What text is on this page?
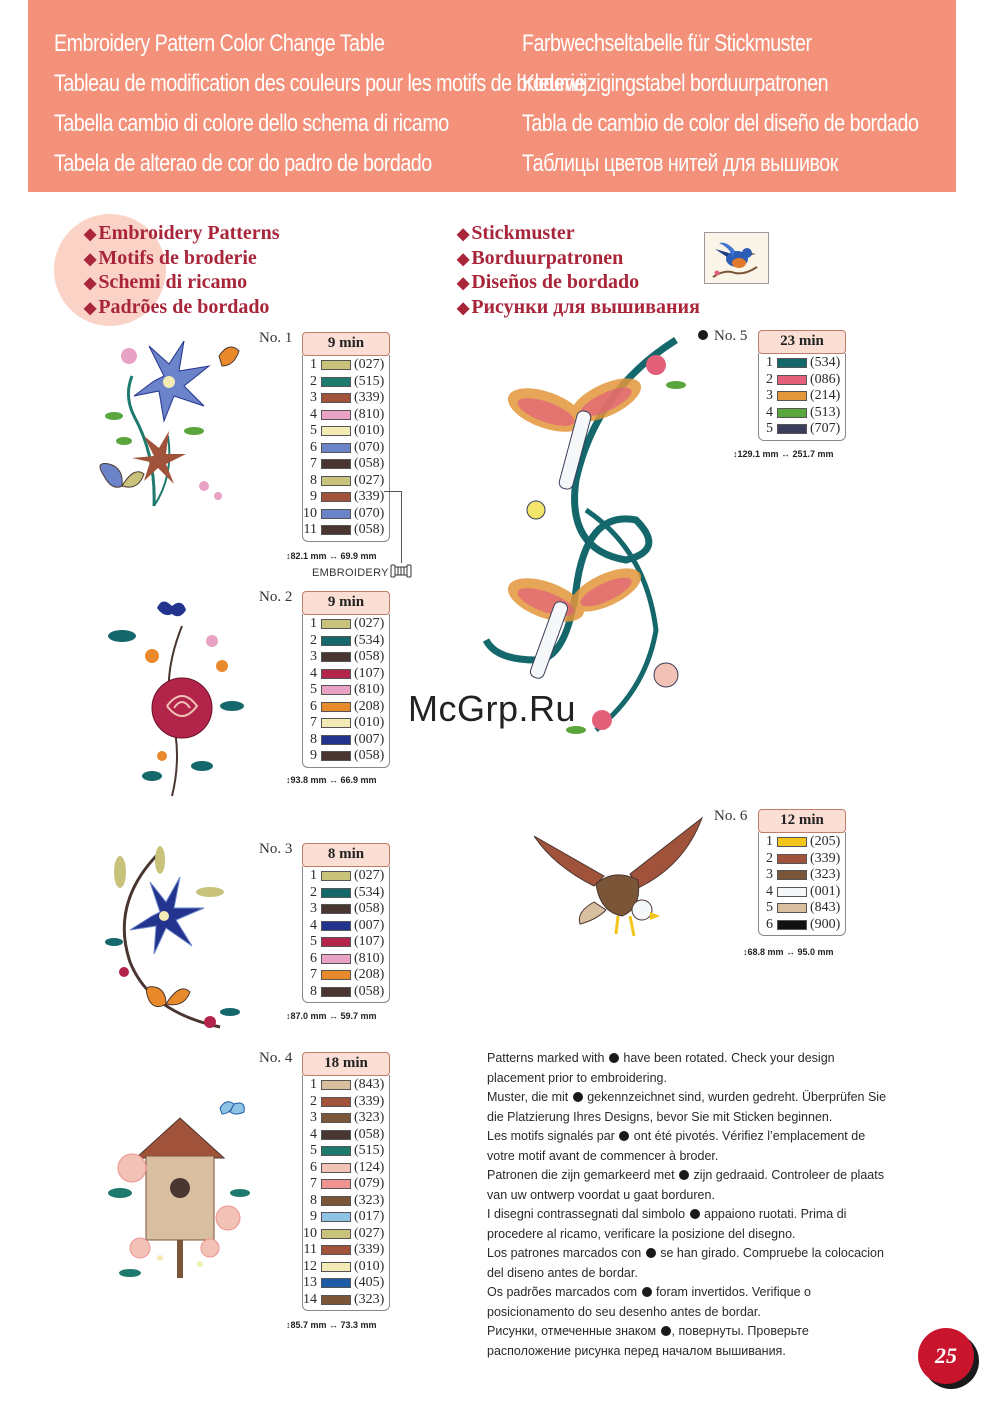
Embroidery Pattern Color Change Table
Tableau de modification des couleurs pour les motifs de broderie
Tabella cambio di colore dello schema di ricamo
Tabela de alterao de cor do padro de bordado
Farbwechseltabelle für Stickmuster
Kleurwijzigingstabel borduurpatronen
Tabla de cambio de color del diseño de bordado
Таблицы цветов нитей для вышивок
◆ Embroidery Patterns
◆ Motifs de broderie
◆ Schemi di ricamo
◆ Padrões de bordado
◆ Stickmuster
◆ Borduurpatronen
◆ Diseños de bordado
◆ Рисунки для вышивания
No. 1	9 min
1	(027)
2	(515)
3	(339)
4	(810)
5	(010)
6	(070)
7	(058)
8	(027)
9	(339)
10	(070)
11	(058)
↕82.1 mm ↔ 69.9 mm
EMBROIDERY
No. 2	9 min
1	(027)
2	(534)
3	(058)
4	(107)
5	(810)
6	(208)
7	(010)
8	(007)
9	(058)
↕93.8 mm ↔ 66.9 mm
No. 3	8 min
1	(027)
2	(534)
3	(058)
4	(007)
5	(107)
6	(810)
7	(208)
8	(058)
↕87.0 mm ↔ 59.7 mm
No. 4	18 min
1	(843)
2	(339)
3	(323)
4	(058)
5	(515)
6	(124)
7	(079)
8	(323)
9	(017)
10	(027)
11	(339)
12	(010)
13	(405)
14	(323)
↕85.7 mm ↔ 73.3 mm
No. 5	23 min
1	(534)
2	(086)
3	(214)
4	(513)
5	(707)
↕129.1 mm ↔ 251.7 mm
No. 6	12 min
1	(205)
2	(339)
3	(323)
4	(001)
5	(843)
6	(900)
↕68.8 mm ↔ 95.0 mm
Patterns marked with  have been rotated. Check your design placement prior to embroidering.
Muster, die mit  gekennzeichnet sind, wurden gedreht. Überprüfen Sie die Platzierung Ihres Designs, bevor Sie mit Sticken beginnen.
Les motifs signalés par  ont été pivotés. Vérifiez l’emplacement de votre motif avant de commencer à broder.
Patronen die zijn gemarkeerd met  zijn gedraaid. Controleer de plaats van uw ontwerp voordat u gaat borduren.
I disegni contrassegnati dal simbolo  appaiono ruotati. Prima di procedere al ricamo, verificare la posizione del disegno.
Los patrones marcados con  se han girado. Compruebe la colocacion del diseno antes de bordar.
Os padrões marcados com  foram invertidos. Verifique o posicionamento do seu desenho antes de bordar.
Рисунки, отмеченные знаком , повернуты. Проверьте расположение рисунка перед началом вышивания.
McGrp.Ru
25
